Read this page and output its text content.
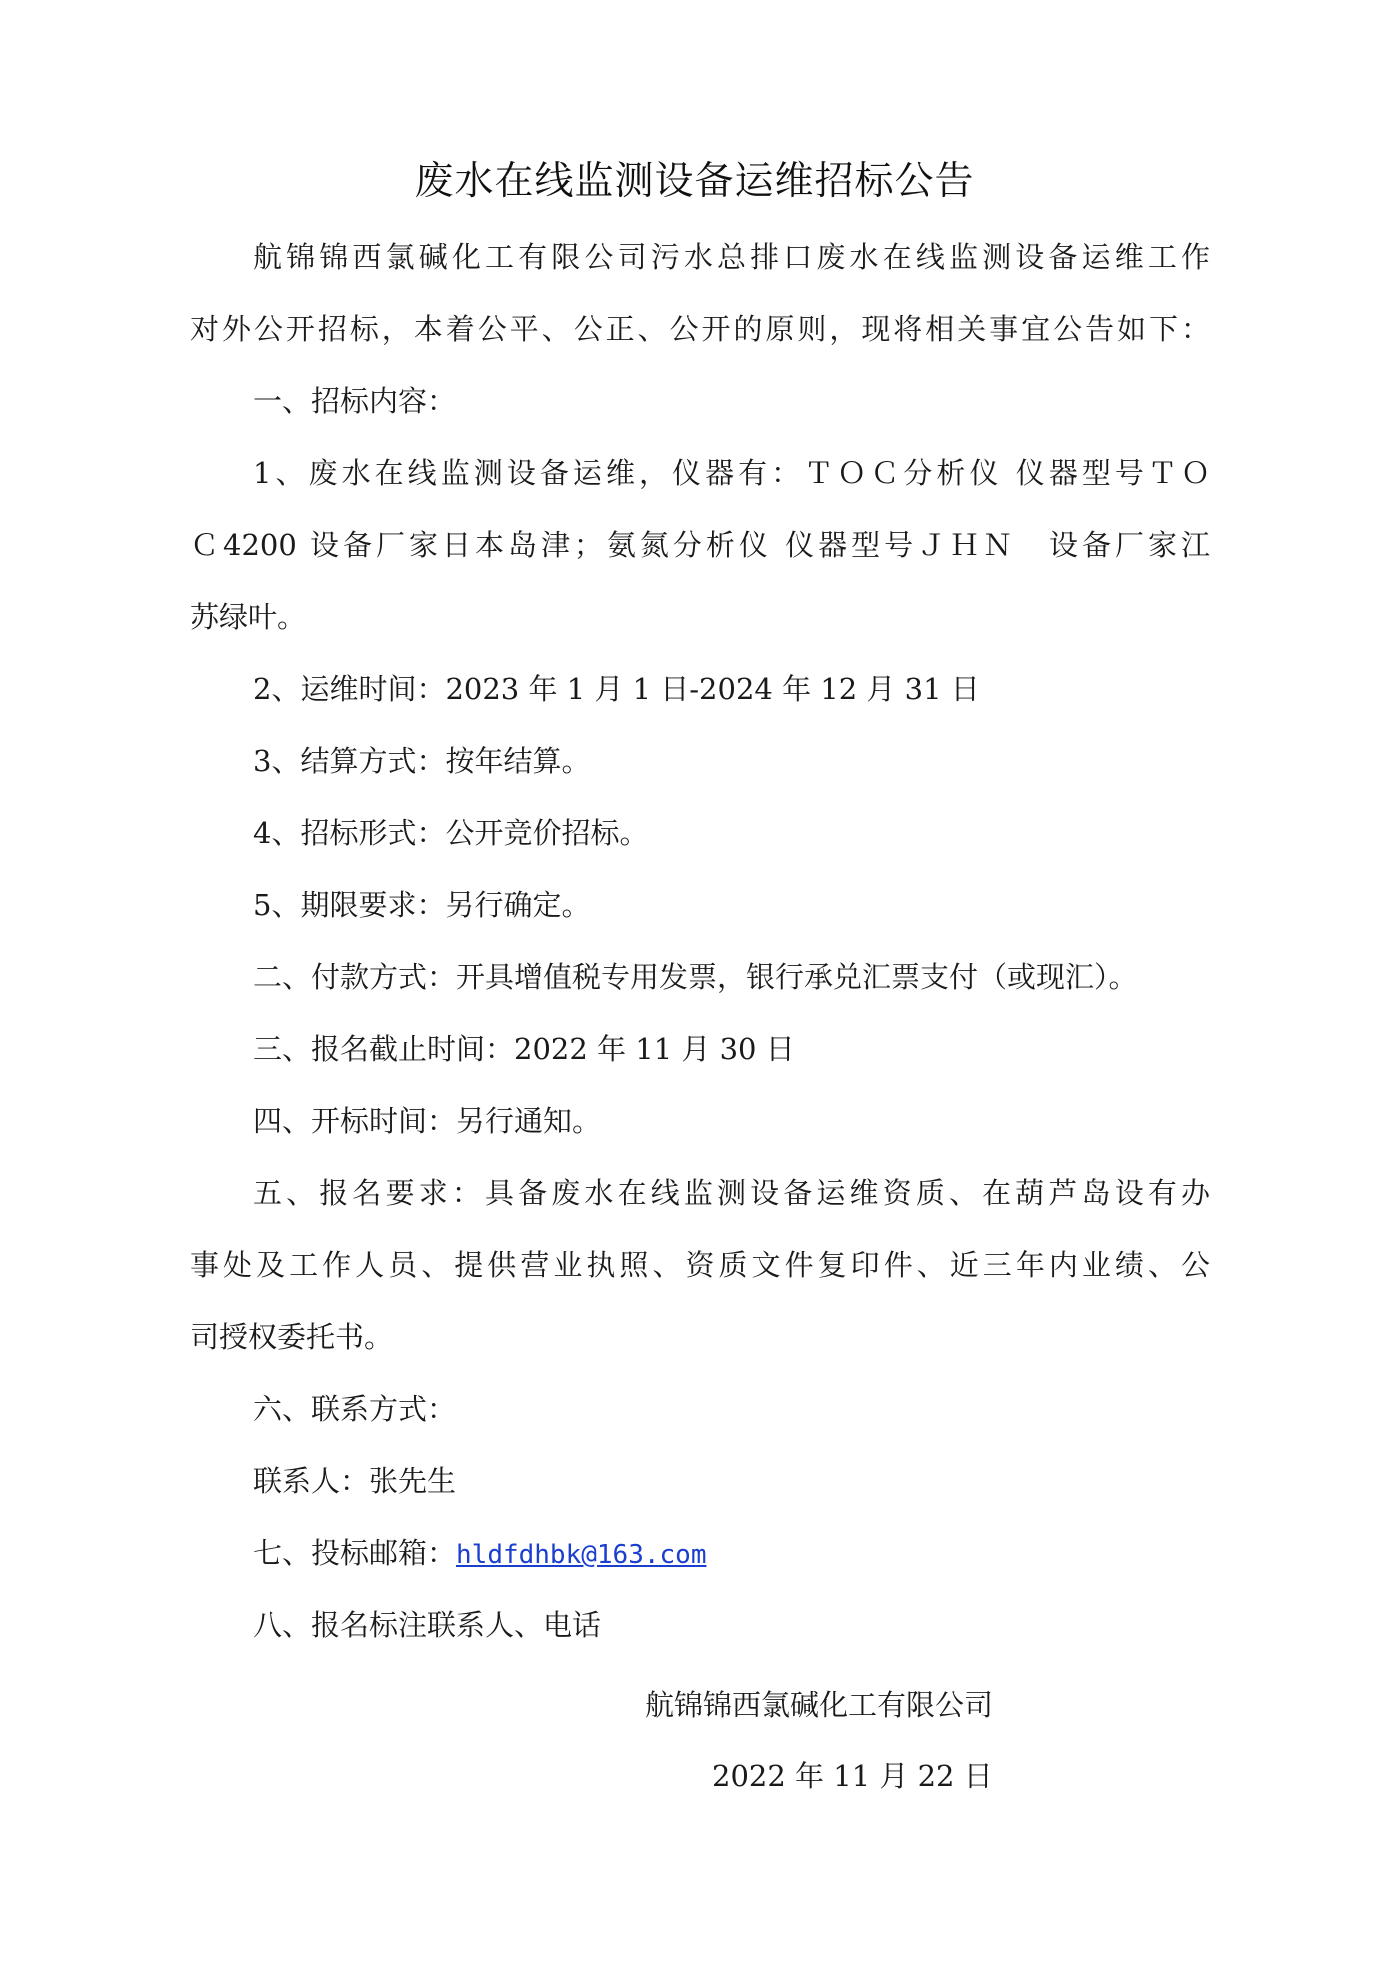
废水在线监测设备运维招标公告

航锦锦西氯碱化工有限公司污水总排口废水在线监测设备运维工作

对外公开招标，本着公平、公正、公开的原则，现将相关事宜公告如下：

一、招标内容：

1、废水在线监测设备运维，仪器有：ＴＯＣ分析仪 仪器型号ＴＯ

Ｃ4200 设备厂家日本岛津；氨氮分析仪 仪器型号ＪＨＮ　设备厂家江

苏绿叶。

2、运维时间：2023 年 1 月 1 日-2024 年 12 月 31 日

3、结算方式：按年结算。

4、招标形式：公开竞价招标。

5、期限要求：另行确定。

二、付款方式：开具增值税专用发票，银行承兑汇票支付（或现汇）。

三、报名截止时间：2022 年 11 月 30 日

四、开标时间：另行通知。

五、报名要求：具备废水在线监测设备运维资质、在葫芦岛设有办

事处及工作人员、提供营业执照、资质文件复印件、近三年内业绩、公

司授权委托书。

六、联系方式：

联系人：张先生

七、投标邮箱：hldfdhbk@163.com

八、报名标注联系人、电话

航锦锦西氯碱化工有限公司

2022 年 11 月 22 日
